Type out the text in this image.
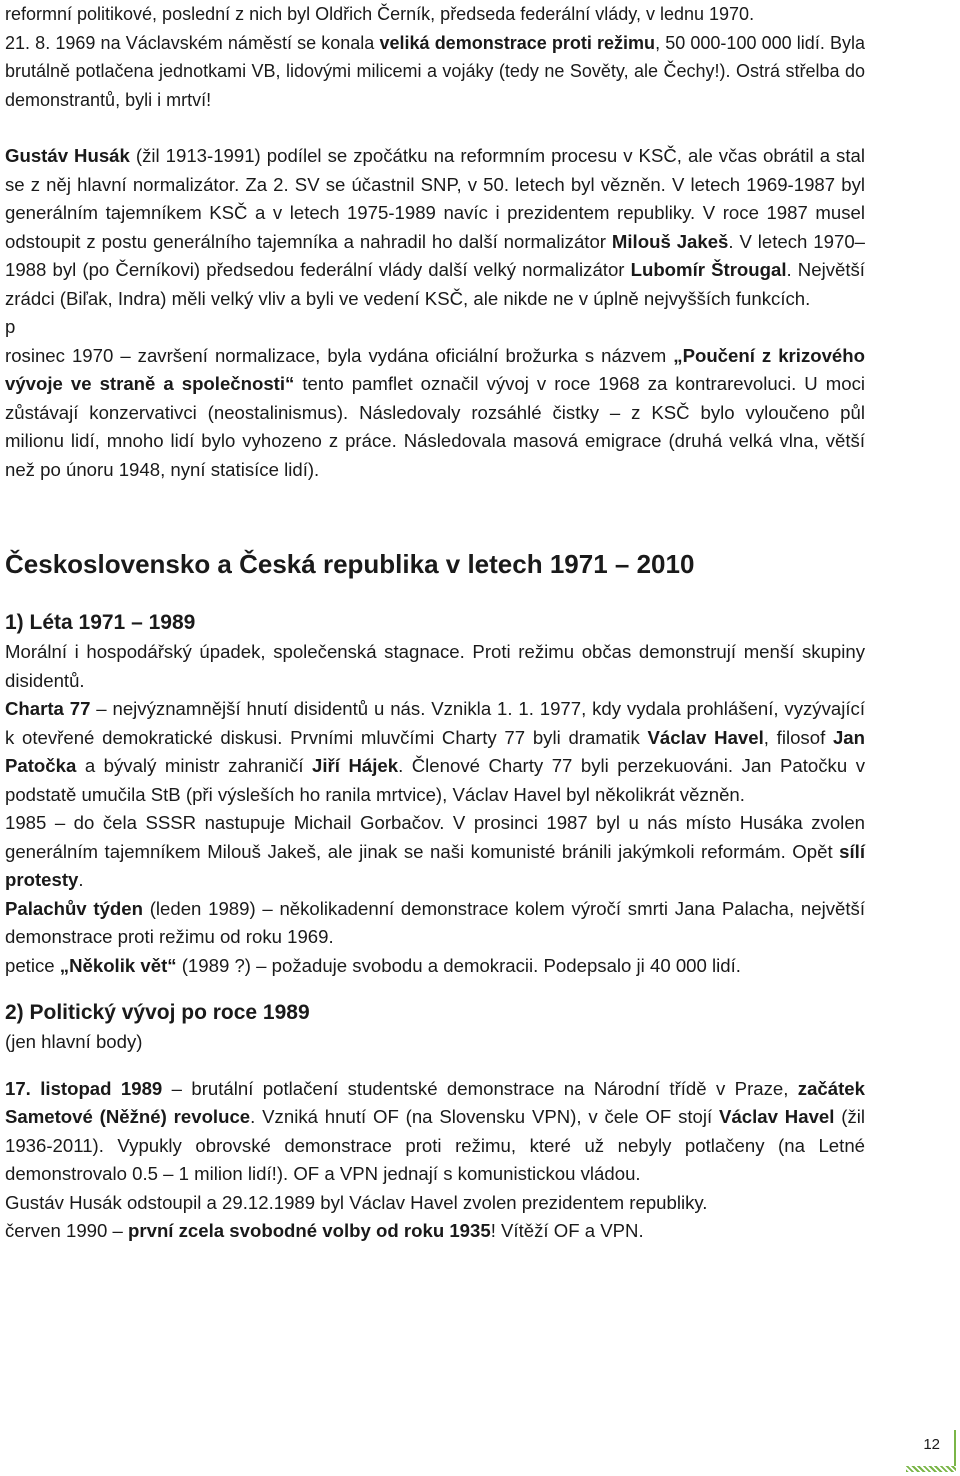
reformní politikové, poslední z nich byl Oldřich Černík, předseda federální vlády, v lednu 1970.
21. 8. 1969 na Václavském náměstí se konala veliká demonstrace proti režimu, 50 000-100 000 lidí. Byla brutálně potlačena jednotkami VB, lidovými milicemi a vojáky (tedy ne Sověty, ale Čechy!). Ostrá střelba do demonstrantů, byli i mrtví!

Gustáv Husák (žil 1913-1991) podílel se zpočátku na reformním procesu v KSČ, ale včas obrátil a stal se z něj hlavní normalizátor. Za 2. SV se účastnil SNP, v 50. letech byl vězněn. V letech 1969-1987 byl generálním tajemníkem KSČ a v letech 1975-1989 navíc i prezidentem republiky. V roce 1987 musel odstoupit z postu generálního tajemníka a nahradil ho další normalizátor Milouš Jakeš. V letech 1970–1988 byl (po Černíkovi) předsedou federální vlády další velký normalizátor Lubomír Štrougal. Největší zrádci (Biľak, Indra) měli velký vliv a byli ve vedení KSČ, ale nikde ne v úplně nejvyšších funkcích.

p

rosinec 1970 – završení normalizace, byla vydána oficiální brožurka s názvem „Poučení z krizového vývoje ve straně a společnosti“ tento pamflet označil vývoj v roce 1968 za kontrarevoluci. U moci zůstávají konzervativci (neostalinismus). Následovaly rozsáhlé čistky – z KSČ bylo vyloučeno půl milionu lidí, mnoho lidí bylo vyhozeno z práce. Následovala masová emigrace (druhá velká vlna, větší než po únoru 1948, nyní statisíce lidí).

Československo a Česká republika v letech 1971 – 2010
1) Léta 1971 – 1989

Morální i hospodářský úpadek, společenská stagnace. Proti režimu občas demonstrují menší skupiny disidentů.

Charta 77 – nejvýznamnější hnutí disidentů u nás. Vznikla 1. 1. 1977, kdy vydala prohlášení, vyzývající k otevřené demokratické diskusi. Prvními mluvčími Charty 77 byli dramatik Václav Havel, filosof Jan Patočka a bývalý ministr zahraničí Jiří Hájek. Členové Charty 77 byli perzekuováni. Jan Patočku v podstatě umučila StB (při výsleších ho ranila mrtvice), Václav Havel byl několikrát vězněn.

1985 – do čela SSSR nastupuje Michail Gorbačov. V prosinci 1987 byl u nás místo Husáka zvolen generálním tajemníkem Milouš Jakeš, ale jinak se naši komunisté bránili jakýmkoli reformám. Opět sílí protesty.

Palachův týden (leden 1989) – několikadenní demonstrace kolem výročí smrti Jana Palacha, největší demonstrace proti režimu od roku 1969.

petice „Několik vět“ (1989 ?) – požaduje svobodu a demokracii. Podepsalo ji 40 000 lidí.

2) Politický vývoj po roce 1989

(jen hlavní body)

17. listopad 1989 – brutální potlačení studentské demonstrace na Národní třídě v Praze, začátek Sametové (Něžné) revoluce. Vzniká hnutí OF (na Slovensku VPN), v čele OF stojí Václav Havel (žil 1936-2011). Vypukly obrovské demonstrace proti režimu, které už nebyly potlačeny (na Letné demonstrovalo 0.5 – 1 milion lidí!). OF a VPN jednají s komunistickou vládou.

Gustáv Husák odstoupil a 29.12.1989 byl Václav Havel zvolen prezidentem republiky.

červen 1990 – první zcela svobodné volby od roku 1935! Vítěží OF a VPN.

12
